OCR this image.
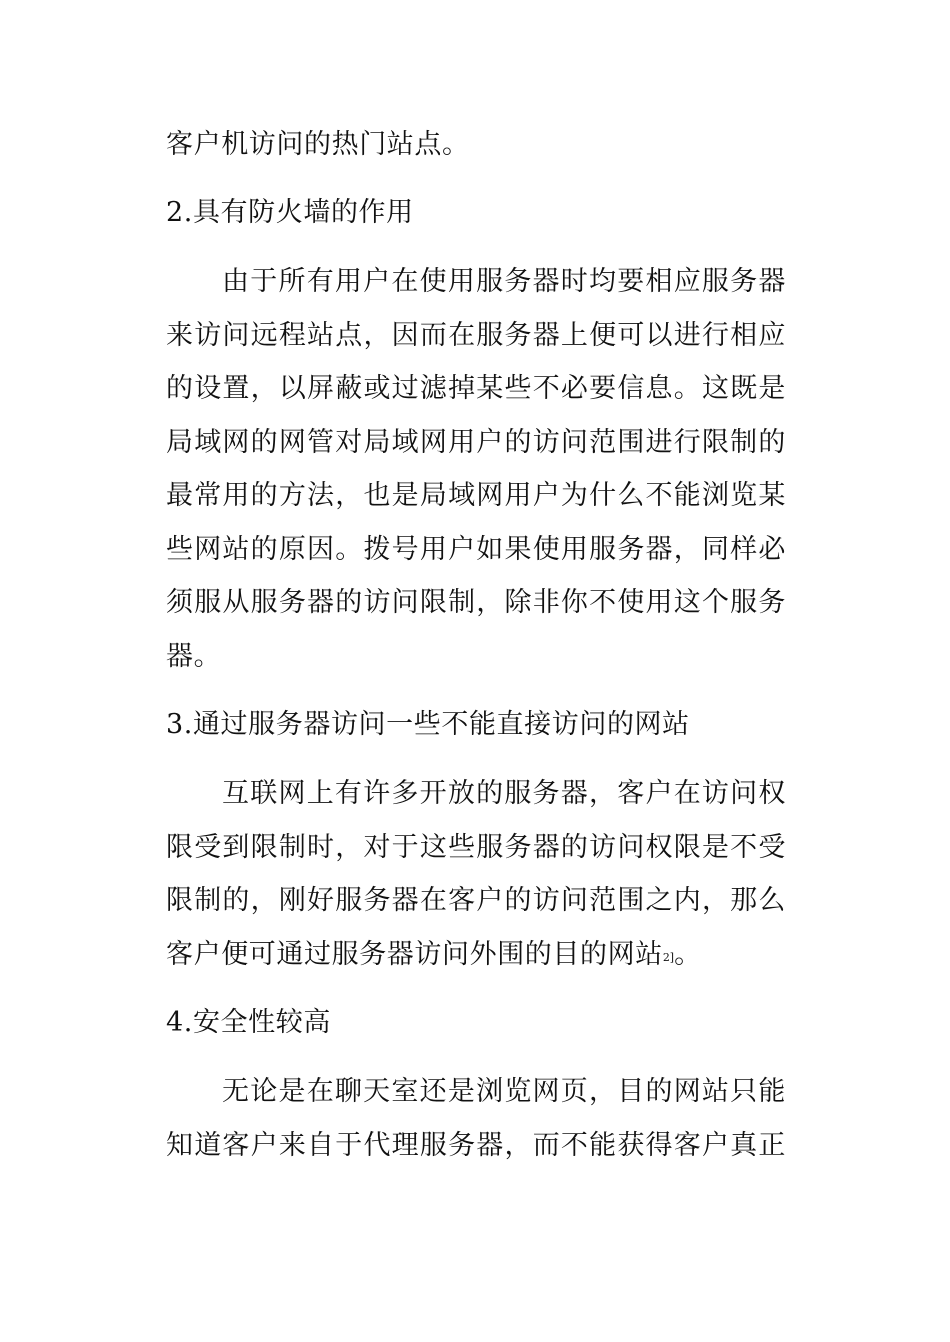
客户机访问的热门站点。
2.具有防火墙的作用
由于所有用户在使用服务器时均要相应服务器
来访问远程站点，因而在服务器上便可以进行相应
的设置，以屏蔽或过滤掉某些不必要信息。这既是
局域网的网管对局域网用户的访问范围进行限制的
最常用的方法，也是局域网用户为什么不能浏览某
些网站的原因。拨号用户如果使用服务器，同样必
须服从服务器的访问限制，除非你不使用这个服务
器。
3.通过服务器访问一些不能直接访问的网站
互联网上有许多开放的服务器，客户在访问权
限受到限制时，对于这些服务器的访问权限是不受
限制的，刚好服务器在客户的访问范围之内，那么
客户便可通过服务器访问外围的目的网站2]。
4.安全性较高
无论是在聊天室还是浏览网页，目的网站只能
知道客户来自于代理服务器，而不能获得客户真正
